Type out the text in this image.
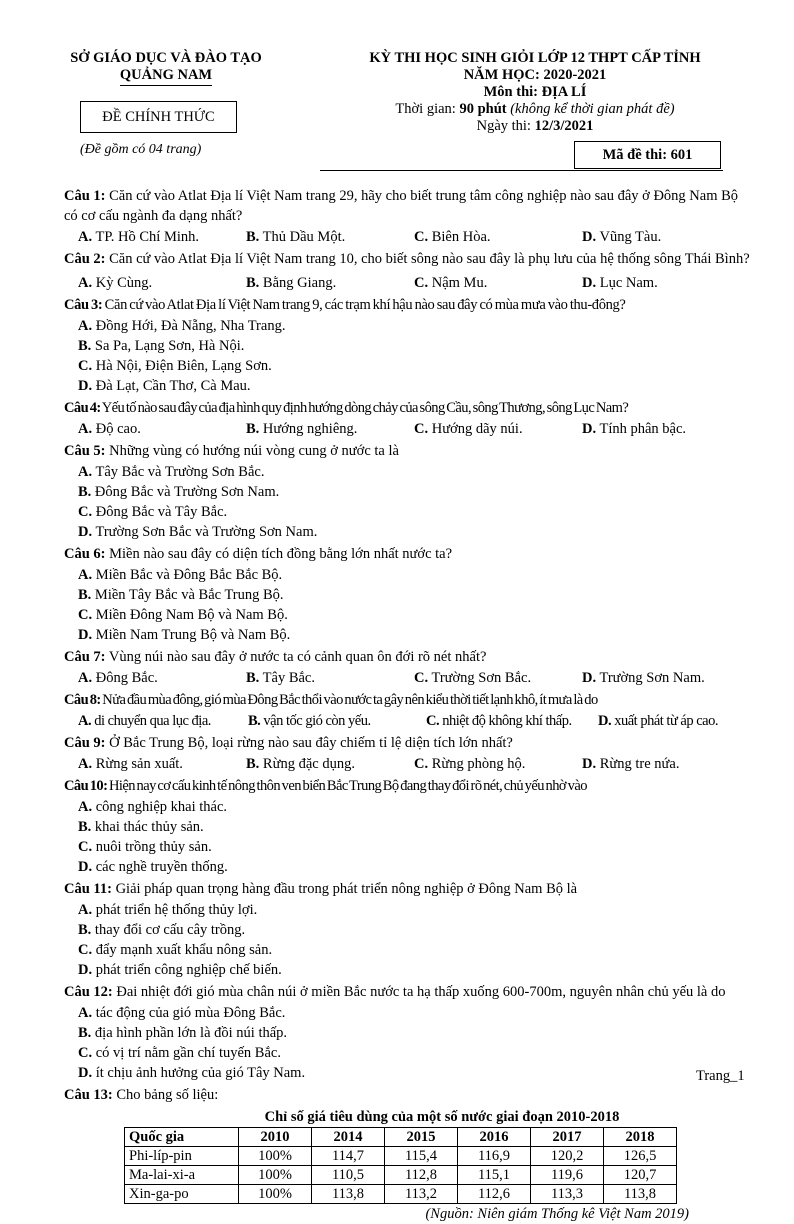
SỞ GIÁO DỤC VÀ ĐÀO TẠO
QUẢNG NAM
ĐỀ CHÍNH THỨC
(Đề gồm có 04 trang)
KỲ THI HỌC SINH GIỎI LỚP 12 THPT CẤP TỈNH
NĂM HỌC: 2020-2021
Môn thi: ĐỊA LÍ
Thời gian: 90 phút (không kể thời gian phát đề)
Ngày thi: 12/3/2021
Mã đề thi: 601

Câu 1: Căn cứ vào Atlat Địa lí Việt Nam trang 29, hãy cho biết trung tâm công nghiệp nào sau đây ở Đông Nam Bộ có cơ cấu ngành đa dạng nhất?

A. TP. Hồ Chí Minh.	B. Thủ Dầu Một.	C. Biên Hòa.	D. Vũng Tàu.

Câu 2: Căn cứ vào Atlat Địa lí Việt Nam trang 10, cho biết sông nào sau đây là phụ lưu của hệ thống sông Thái Bình?

A. Kỳ Cùng.	B. Bằng Giang.	C. Nậm Mu.	D. Lục Nam.

Câu 3: Căn cứ vào Atlat Địa lí Việt Nam trang 9, các trạm khí hậu nào sau đây có mùa mưa vào thu-đông?

A. Đồng Hới, Đà Nẵng, Nha Trang.
B. Sa Pa, Lạng Sơn, Hà Nội.
C. Hà Nội, Điện Biên, Lạng Sơn.
D. Đà Lạt, Cần Thơ, Cà Mau.

Câu 4: Yếu tố nào sau đây của địa hình quy định hướng dòng chảy của sông Cầu, sông Thương, sông Lục Nam?

A. Độ cao.	B. Hướng nghiêng.	C. Hướng dãy núi.	D. Tính phân bậc.

Câu 5: Những vùng có hướng núi vòng cung ở nước ta là

A. Tây Bắc và Trường Sơn Bắc.
B. Đông Bắc và Trường Sơn Nam.
C. Đông Bắc và Tây Bắc.
D. Trường Sơn Bắc và Trường Sơn Nam.

Câu 6: Miền nào sau đây có diện tích đồng bằng lớn nhất nước ta?

A. Miền Bắc và Đông Bắc Bắc Bộ.
B. Miền Tây Bắc và Bắc Trung Bộ.
C. Miền Đông Nam Bộ và Nam Bộ.
D. Miền Nam Trung Bộ và Nam Bộ.

Câu 7: Vùng núi nào sau đây ở nước ta có cảnh quan ôn đới rõ nét nhất?

A. Đông Bắc.	B. Tây Bắc.	C. Trường Sơn Bắc.	D. Trường Sơn Nam.

Câu 8: Nửa đầu mùa đông, gió mùa Đông Bắc thổi vào nước ta gây nên kiểu thời tiết lạnh khô, ít mưa là do

A. di chuyển qua lục địa.	B. vận tốc gió còn yếu.	C. nhiệt độ không khí thấp.	D. xuất phát từ áp cao.

Câu 9: Ở Bắc Trung Bộ, loại rừng nào sau đây chiếm tỉ lệ diện tích lớn nhất?

A. Rừng sản xuất.	B. Rừng đặc dụng.	C. Rừng phòng hộ.	D. Rừng tre nứa.

Câu 10: Hiện nay cơ cấu kinh tế nông thôn ven biển Bắc Trung Bộ đang thay đổi rõ nét, chủ yếu nhờ vào

A. công nghiệp khai thác.
B. khai thác thủy sản.
C. nuôi trồng thủy sản.
D. các nghề truyền thống.

Câu 11: Giải pháp quan trọng hàng đầu trong phát triển nông nghiệp ở Đông Nam Bộ là

A. phát triển hệ thống thủy lợi.
B. thay đổi cơ cấu cây trồng.
C. đẩy mạnh xuất khẩu nông sản.
D. phát triển công nghiệp chế biến.

Câu 12: Đai nhiệt đới gió mùa chân núi ở miền Bắc nước ta hạ thấp xuống 600-700m, nguyên nhân chủ yếu là do

A. tác động của gió mùa Đông Bắc.
B. địa hình phần lớn là đồi núi thấp.
C. có vị trí nằm gần chí tuyến Bắc.
D. ít chịu ảnh hưởng của gió Tây Nam.

Câu 13: Cho bảng số liệu:

Chỉ số giá tiêu dùng của một số nước giai đoạn 2010-2018
Quốc gia	2010	2014	2015	2016	2017	2018
Phi-líp-pin	100%	114,7	115,4	116,9	120,2	126,5
Ma-lai-xi-a	100%	110,5	112,8	115,1	119,6	120,7
Xin-ga-po	100%	113,8	113,2	112,6	113,3	113,8
(Nguồn: Niên giám Thống kê Việt Nam 2019)
Trang_1
